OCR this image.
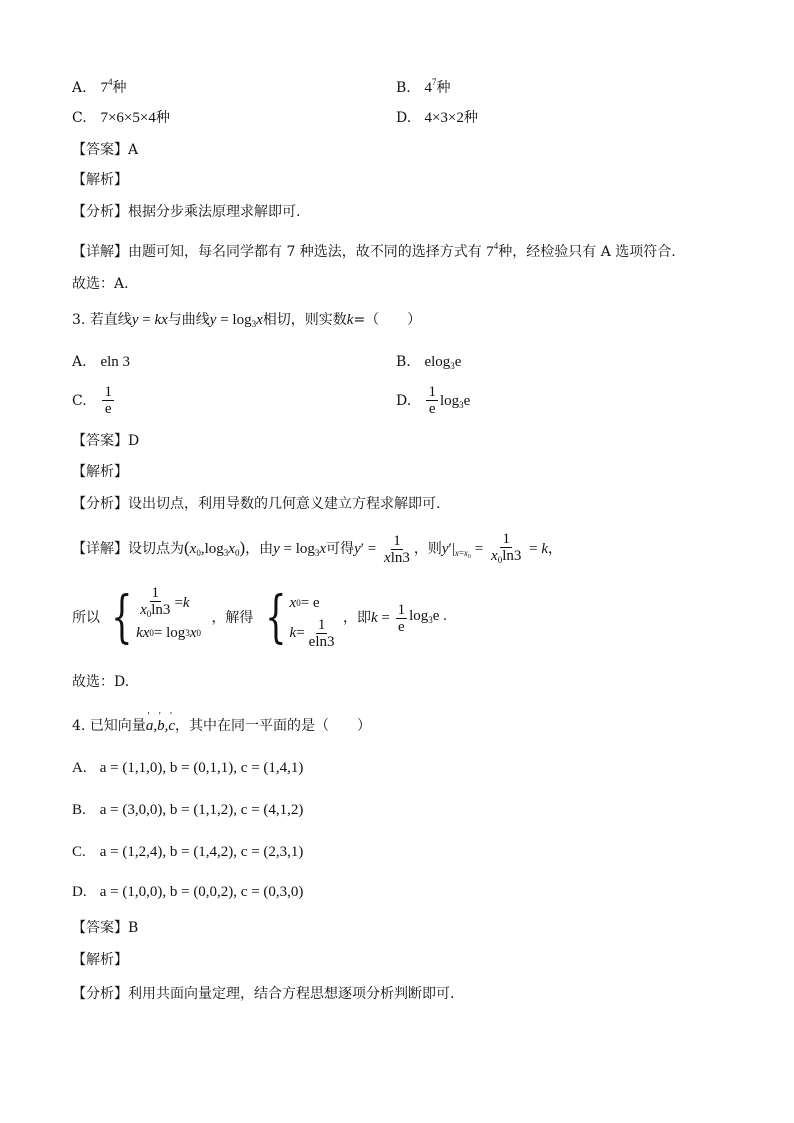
A. $7^4$种	B. $4^7$种
C. 7×6×5×4种	D. 4×3×2种
【答案】A
【解析】
【分析】根据分步乘法原理求解即可.
【详解】由题可知，每名同学都有 7 种选法，故不同的选择方式有 $7^4$种，经检验只有 A 选项符合.
故选：A.
3. 若直线y = kx与曲线$y = \log_3x$相切，则实数k=（　　）
A. eln 3	B. elog$_3$e
C. $\frac{1}{e}$	D. $\frac{1}{e} \log_3e$
【答案】D
【解析】
【分析】设出切点，利用导数的几何意义建立方程求解即可.
【详解】设切点为$(x_0,\log_3x_0)$，由$y = \log_3x$可得$y' = \frac{1}{xln3}$ ，则$y'|_{x=x_0} = \frac{1}{x_0\ln 3} = k$，
所以 { $\frac{1}{x_0\ln 3} = k$
kx 0 = log 3 x 0
，解得 { x 0 = e
$k = \frac{1}{eln3}$ ，即$k = \frac{1}{e} \log_3e$ .
故选：D.
4. 已知向量' a,' b,' c，其中在同一平面的是（　　）
A. a = (1,1,0), b = (0,1,1), c = (1,4,1)
B. a = (3,0,0), b = (1,1,2), c = (4,1,2)
C. a = (1,2,4), b = (1,4,2), c = (2,3,1)
D. a = (1,0,0), b = (0,0,2), c = (0,3,0)
【答案】B
【解析】
【分析】利用共面向量定理，结合方程思想逐项分析判断即可.
